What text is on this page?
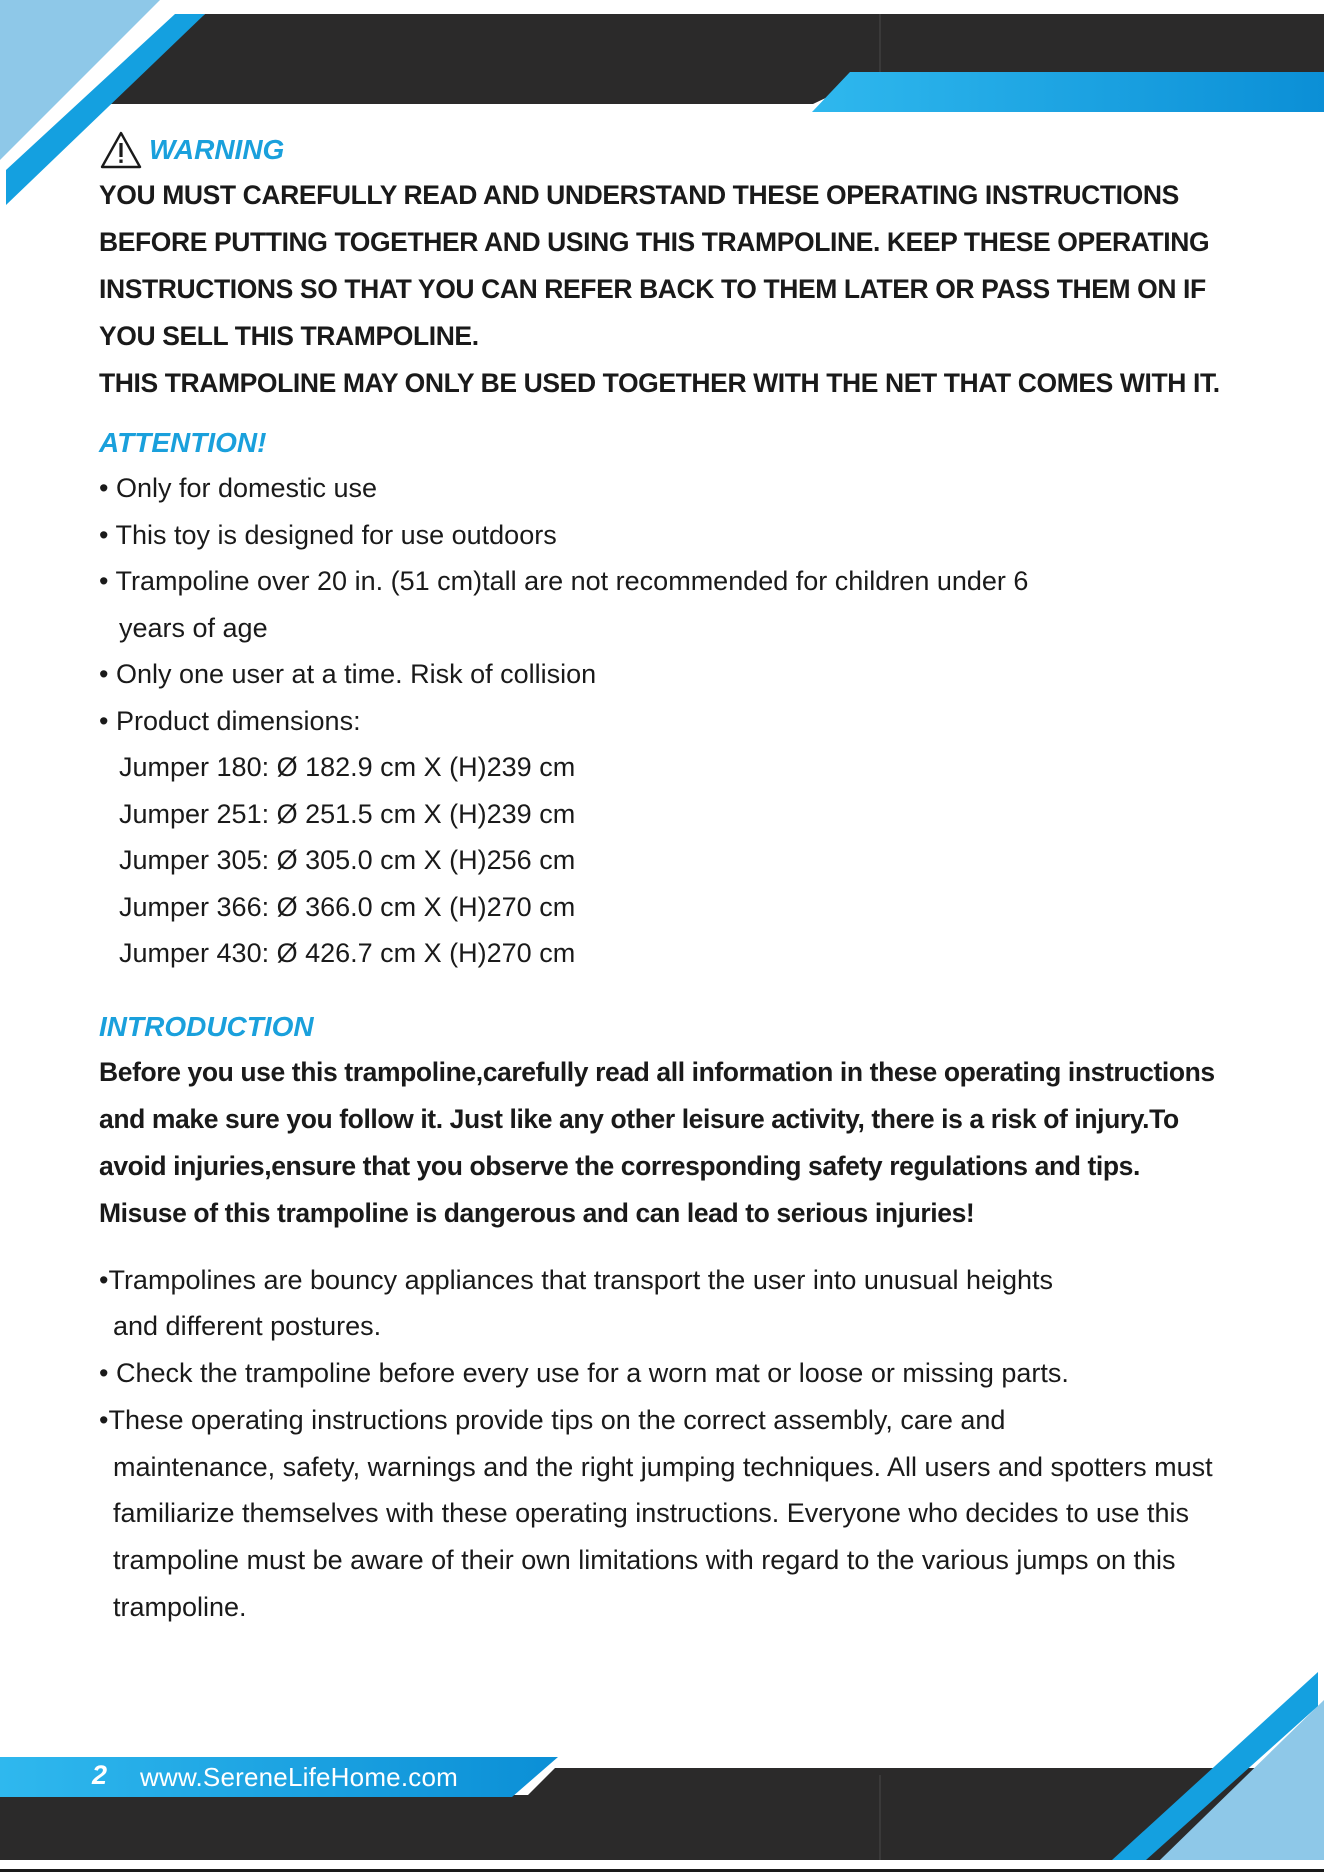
WARNING

YOU MUST CAREFULLY READ AND UNDERSTAND THESE OPERATING INSTRUCTIONS BEFORE PUTTING TOGETHER AND USING THIS TRAMPOLINE. KEEP THESE OPERATING INSTRUCTIONS SO THAT YOU CAN REFER BACK TO THEM LATER OR PASS THEM ON IF YOU SELL THIS TRAMPOLINE.

THIS TRAMPOLINE MAY ONLY BE USED TOGETHER WITH THE NET THAT COMES WITH IT.

ATTENTION!
• Only for domestic use
• This toy is designed for use outdoors
• Trampoline over 20 in. (51 cm)tall are not recommended for children under 6
years of age
• Only one user at a time. Risk of collision
• Product dimensions:
Jumper 180: Ø 182.9 cm X (H)239 cm
Jumper 251: Ø 251.5 cm X (H)239 cm
Jumper 305: Ø 305.0 cm X (H)256 cm
Jumper 366: Ø 366.0 cm X (H)270 cm
Jumper 430: Ø 426.7 cm X (H)270 cm
INTRODUCTION
Before you use this trampoline,carefully read all information in these operating instructions and make sure you follow it. Just like any other leisure activity, there is a risk of injury.To avoid injuries,ensure that you observe the corresponding safety regulations and tips. Misuse of this trampoline is dangerous and can lead to serious injuries!
•Trampolines are bouncy appliances that transport the user into unusual heights
and different postures.
• Check the trampoline before every use for a worn mat or loose or missing parts.
•These operating instructions provide tips on the correct assembly, care and
maintenance, safety, warnings and the right jumping techniques. All users and spotters must familiarize themselves with these operating instructions. Everyone who decides to use this trampoline must be aware of their own limitations with regard to the various jumps on this trampoline.
2 www.SereneLifeHome.com
